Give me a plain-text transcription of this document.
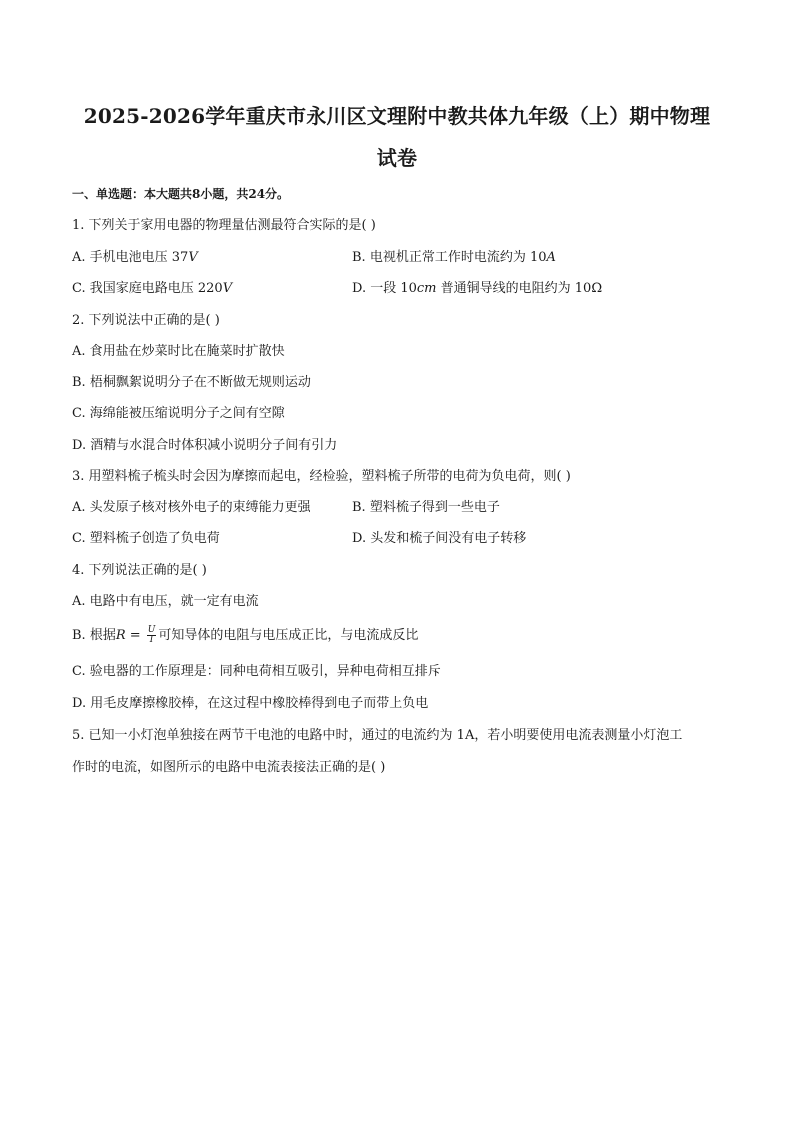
2025-2026学年重庆市永川区文理附中教共体九年级（上）期中物理
试卷
一、单选题：本大题共8小题，共24分。
1. 下列关于家用电器的物理量估测最符合实际的是( )
A. 手机电池电压 37V	B. 电视机正常工作时电流约为 10A
C. 我国家庭电路电压 220V	D. 一段 10cm 普通铜导线的电阻约为 10Ω
2. 下列说法中正确的是( )
A. 食用盐在炒菜时比在腌菜时扩散快
B. 梧桐飘絮说明分子在不断做无规则运动
C. 海绵能被压缩说明分子之间有空隙
D. 酒精与水混合时体积减小说明分子间有引力
3. 用塑料梳子梳头时会因为摩擦而起电，经检验，塑料梳子所带的电荷为负电荷，则( )
A. 头发原子核对核外电子的束缚能力更强	B. 塑料梳子得到一些电子
C. 塑料梳子创造了负电荷	D. 头发和梳子间没有电子转移
4. 下列说法正确的是( )
A. 电路中有电压，就一定有电流
B. 根据$R = \frac{U}{I}$ 可知导体的电阻与电压成正比，与电流成反比
C. 验电器的工作原理是：同种电荷相互吸引，异种电荷相互排斥
D. 用毛皮摩擦橡胶棒，在这过程中橡胶棒得到电子而带上负电
5. 已知一小灯泡单独接在两节干电池的电路中时，通过的电流约为 1A，若小明要使用电流表测量小灯泡工
作时的电流，如图所示的电路中电流表接法正确的是( )
